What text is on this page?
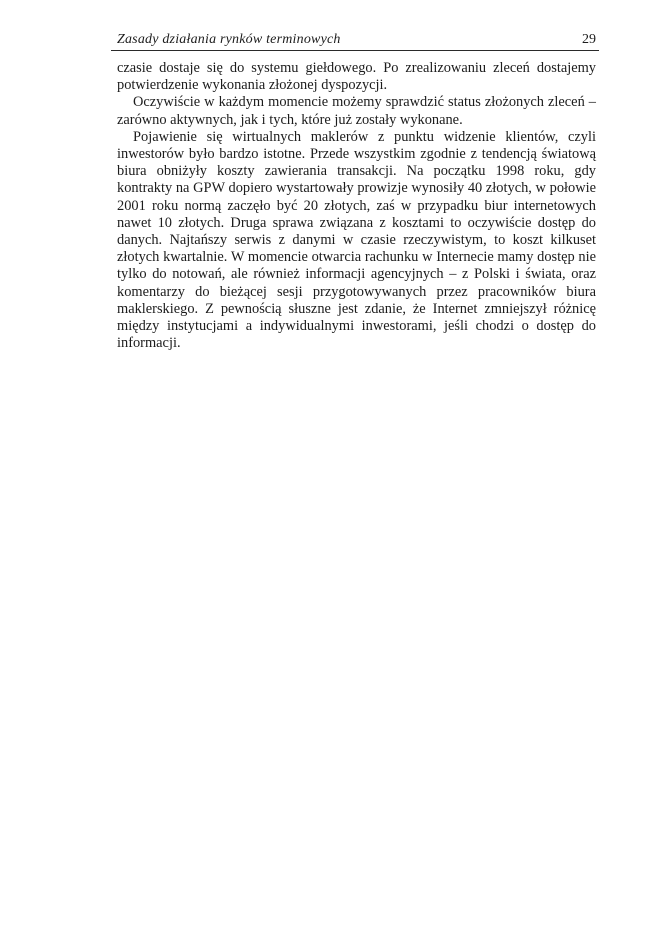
Zasady działania rynków terminowych	29

czasie dostaje się do systemu giełdowego. Po zrealizowaniu zleceń dostajemy potwierdzenie wykonania złożonej dyspozycji.

Oczywiście w każdym momencie możemy sprawdzić status złożonych zleceń – zarówno aktywnych, jak i tych, które już zostały wykonane.

Pojawienie się wirtualnych maklerów z punktu widzenie klientów, czyli inwestorów było bardzo istotne. Przede wszystkim zgodnie z tendencją światową biura obniżyły koszty zawierania transakcji. Na początku 1998 roku, gdy kontrakty na GPW dopiero wystartowały prowizje wynosiły 40 złotych, w połowie 2001 roku normą zaczęło być 20 złotych, zaś w przypadku biur internetowych nawet 10 złotych. Druga sprawa związana z kosztami to oczywiście dostęp do danych. Najtańszy serwis z danymi w czasie rzeczywistym, to koszt kilkuset złotych kwartalnie. W momencie otwarcia rachunku w Internecie mamy dostęp nie tylko do notowań, ale również informacji agencyjnych – z Polski i świata, oraz komentarzy do bieżącej sesji przygotowywanych przez pracowników biura maklerskiego. Z pewnością słuszne jest zdanie, że Internet zmniejszył różnicę między instytucjami a indywidualnymi inwestorami, jeśli chodzi o dostęp do informacji.
